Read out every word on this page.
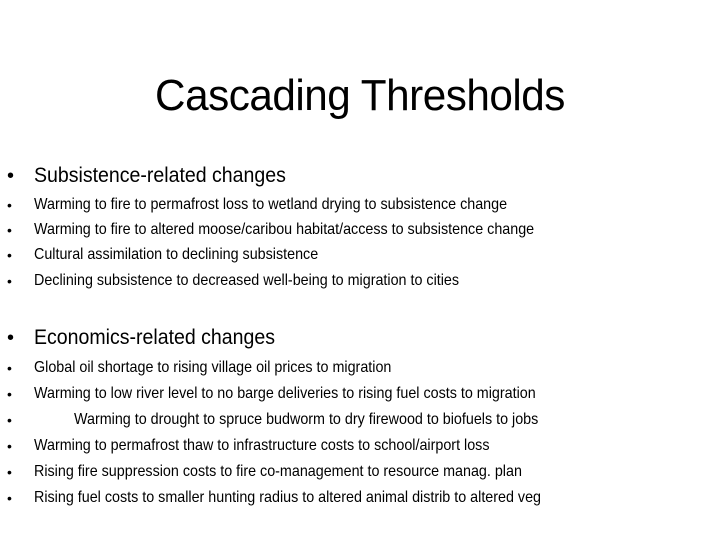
Cascading Thresholds
• Subsistence-related changes
• Warming to fire to permafrost loss to wetland drying to subsistence change
• Warming to fire to altered moose/caribou habitat/access to subsistence change
• Cultural assimilation to declining subsistence
• Declining subsistence to decreased well-being to migration to cities
• Economics-related changes
• Global oil shortage to rising village oil prices to migration
• Warming to low river level to no barge deliveries to rising fuel costs to migration
•	Warming to drought to spruce budworm to dry firewood to biofuels to jobs
• Warming to permafrost thaw to infrastructure costs to school/airport loss
• Rising fire suppression costs to fire co-management to resource manag. plan
• Rising fuel costs to smaller hunting radius to altered animal distrib to altered veg
